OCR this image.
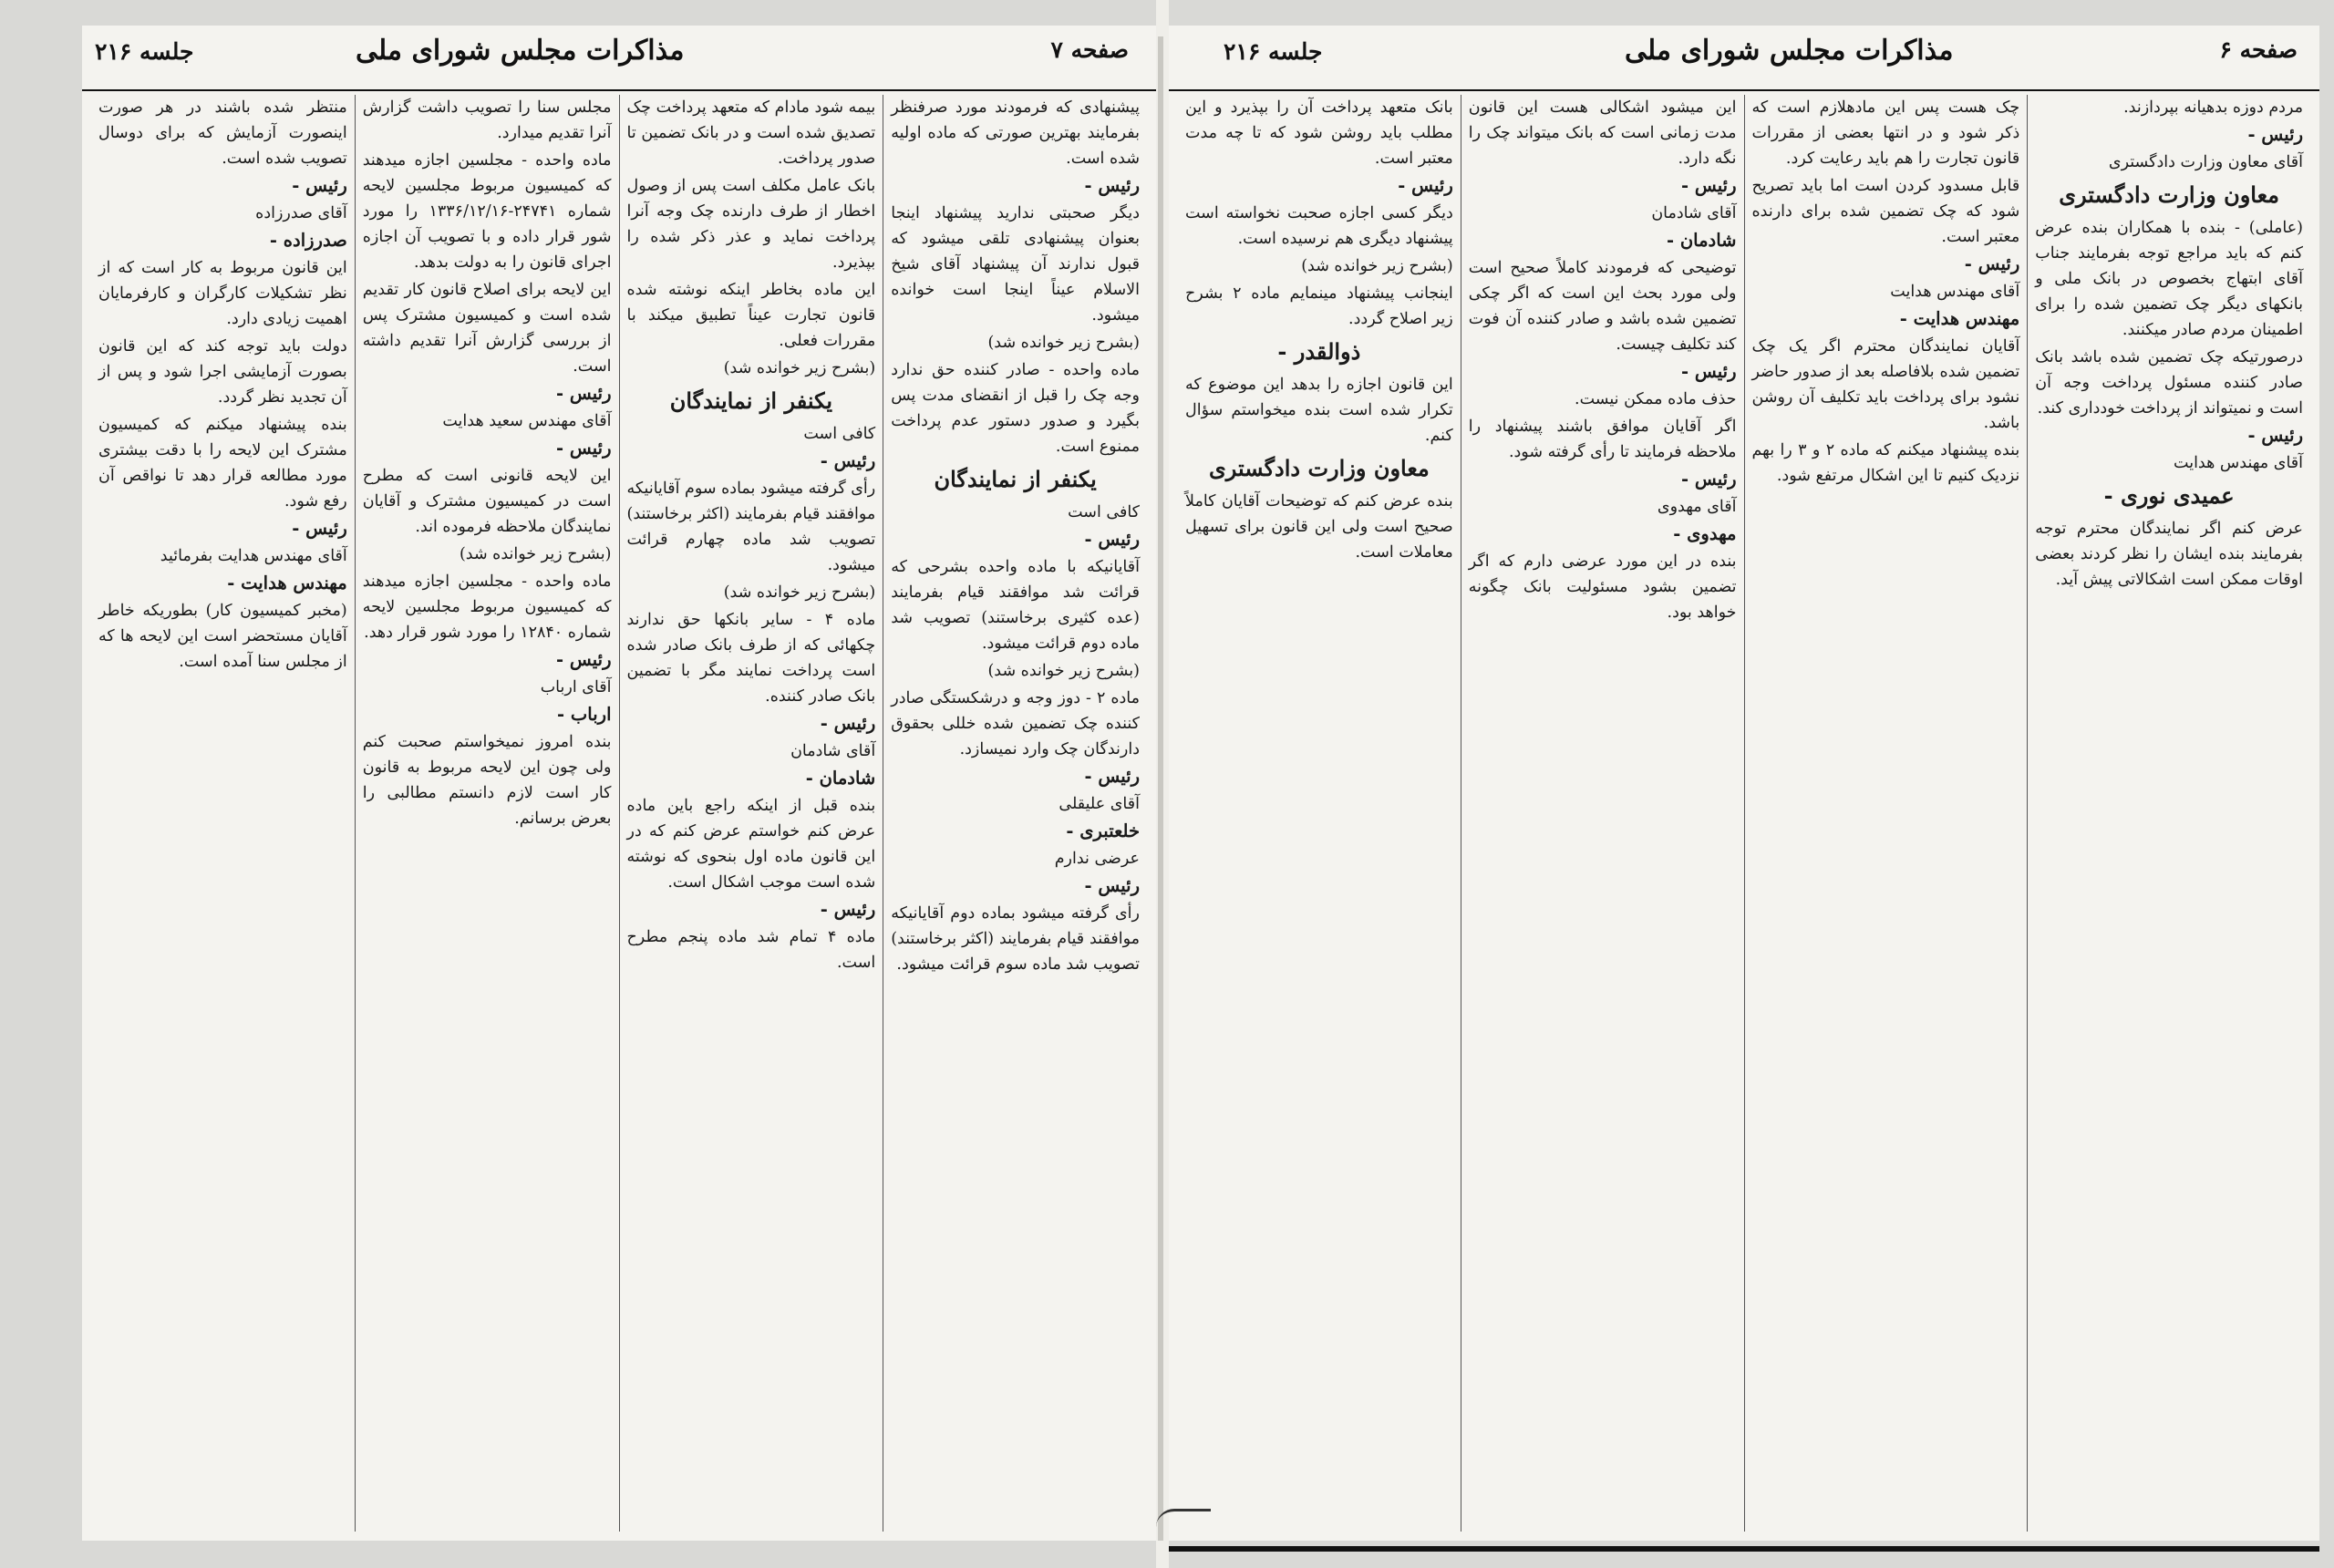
جلسه ۲۱۶	مذاکرات مجلس شورای ملی	صفحه ۷
پیشنهادی که فرمودند مورد صرفنظر بفرمایند بهترین صورتی که ماده اولیه شده است.
رئیس -
دیگر صحبتی ندارید پیشنهاد اینجا بعنوان پیشنهادی تلقی میشود که قبول ندارند آن پیشنهاد آقای شیخ الاسلام عیناً اینجا است خوانده میشود.
(بشرح زیر خوانده شد)
ماده واحده - صادر کننده حق ندارد وجه چک را قبل از انقضای مدت پس بگیرد و صدور دستور عدم پرداخت ممنوع است.
یکنفر از نمایندگان
کافی است
رئیس -
آقایانیکه با ماده واحده بشرحی که قرائت شد موافقند قیام بفرمایند (عده کثیری برخاستند) تصویب شد ماده دوم قرائت میشود.
(بشرح زیر خوانده شد)
ماده ۲ - دوز وجه و درشکستگی صادر کننده چک تضمین شده خللی بحقوق دارندگان چک وارد نمیسازد.
رئیس -
آقای علیقلی
خلعتبری -
عرضی ندارم
رئیس -
رأی گرفته میشود بماده دوم آقایانیکه موافقند قیام بفرمایند (اکثر برخاستند) تصویب شد ماده سوم قرائت میشود.
بیمه شود مادام که متعهد پرداخت چک تصدیق شده است و در بانک تضمین تا صدور پرداخت.
بانک عامل مکلف است پس از وصول اخطار از طرف دارنده چک وجه آنرا پرداخت نماید و عذر ذکر شده را بپذیرد.
این ماده بخاطر اینکه نوشته شده قانون تجارت عیناً تطبیق میکند با مقررات فعلی.
(بشرح زیر خوانده شد)
یکنفر از نمایندگان
کافی است
رئیس -
رأی گرفته میشود بماده سوم آقایانیکه موافقند قیام بفرمایند (اکثر برخاستند) تصویب شد ماده چهارم قرائت میشود.
(بشرح زیر خوانده شد)
ماده ۴ - سایر بانکها حق ندارند چکهائی که از طرف بانک صادر شده است پرداخت نمایند مگر با تضمین بانک صادر کننده.
رئیس -
آقای شادمان
شادمان -
بنده قبل از اینکه راجع باین ماده عرض کنم خواستم عرض کنم که در این قانون ماده اول بنحوی که نوشته شده است موجب اشکال است.
رئیس -
ماده ۴ تمام شد ماده پنجم مطرح است.
مجلس سنا را تصویب داشت گزارش آنرا تقدیم میدارد.
ماده واحده - مجلسین اجازه میدهند که کمیسیون مربوط مجلسین لایحه شماره ۲۴۷۴۱-۱۳۳۶/۱۲/۱۶ را مورد شور قرار داده و با تصویب آن اجازه اجرای قانون را به دولت بدهد.
این لایحه برای اصلاح قانون کار تقدیم شده است و کمیسیون مشترک پس از بررسی گزارش آنرا تقدیم داشته است.
رئیس -
آقای مهندس سعید هدایت
رئیس -
این لایحه قانونی است که مطرح است در کمیسیون مشترک و آقایان نمایندگان ملاحظه فرموده اند.
(بشرح زیر خوانده شد)
ماده واحده - مجلسین اجازه میدهند که کمیسیون مربوط مجلسین لایحه شماره ۱۲۸۴۰ را مورد شور قرار دهد.
رئیس -
آقای ارباب
ارباب -
بنده امروز نمیخواستم صحبت کنم ولی چون این لایحه مربوط به قانون کار است لازم دانستم مطالبی را بعرض برسانم.
منتظر شده باشند در هر صورت اینصورت آزمایش که برای دوسال تصویب شده است.
رئیس -
آقای صدرزاده
صدرزاده -
این قانون مربوط به کار است که از نظر تشکیلات کارگران و کارفرمایان اهمیت زیادی دارد.
دولت باید توجه کند که این قانون بصورت آزمایشی اجرا شود و پس از آن تجدید نظر گردد.
بنده پیشنهاد میکنم که کمیسیون مشترک این لایحه را با دقت بیشتری مورد مطالعه قرار دهد تا نواقص آن رفع شود.
رئیس -
آقای مهندس هدایت بفرمائید
مهندس هدایت -
(مخبر کمیسیون کار) بطوریکه خاطر آقایان مستحضر است این لایحه ها که از مجلس سنا آمده است.
جلسه ۲۱۶	مذاکرات مجلس شورای ملی	صفحه ۶
مردم دوزه بدهیانه بپردازند.
رئیس -
آقای معاون وزارت دادگستری
معاون وزارت دادگستری
(عاملی) - بنده با همکاران بنده عرض کنم که باید مراجع توجه بفرمایند جناب آقای ابتهاج بخصوص در بانک ملی و بانکهای دیگر چک تضمین شده را برای اطمینان مردم صادر میکنند.
درصورتیکه چک تضمین شده باشد بانک صادر کننده مسئول پرداخت وجه آن است و نمیتواند از پرداخت خودداری کند.
رئیس -
آقای مهندس هدایت
عمیدی نوری -
عرض کنم اگر نمایندگان محترم توجه بفرمایند بنده ایشان را نظر کردند بعضی اوقات ممکن است اشکالاتی پیش آید.
چک هست پس این مادهلازم است که ذکر شود و در انتها بعضی از مقررات قانون تجارت را هم باید رعایت کرد.
قابل مسدود کردن است اما باید تصریح شود که چک تضمین شده برای دارنده معتبر است.
رئیس -
آقای مهندس هدایت
مهندس هدایت -
آقایان نمایندگان محترم اگر یک چک تضمین شده بلافاصله بعد از صدور حاضر نشود برای پرداخت باید تکلیف آن روشن باشد.
بنده پیشنهاد میکنم که ماده ۲ و ۳ را بهم نزدیک کنیم تا این اشکال مرتفع شود.
این میشود اشکالی هست این قانون مدت زمانی است که بانک میتواند چک را نگه دارد.
رئیس -
آقای شادمان
شادمان -
توضیحی که فرمودند کاملاً صحیح است ولی مورد بحث این است که اگر چکی تضمین شده باشد و صادر کننده آن فوت کند تکلیف چیست.
رئیس -
حذف ماده ممکن نیست.
اگر آقایان موافق باشند پیشنهاد را ملاحظه فرمایند تا رأی گرفته شود.
رئیس -
آقای مهدوی
مهدوی -
بنده در این مورد عرضی دارم که اگر تضمین بشود مسئولیت بانک چگونه خواهد بود.
بانک متعهد پرداخت آن را بپذیرد و این مطلب باید روشن شود که تا چه مدت معتبر است.
رئیس -
دیگر کسی اجازه صحبت نخواسته است پیشنهاد دیگری هم نرسیده است.
(بشرح زیر خوانده شد)
اینجانب پیشنهاد مینمایم ماده ۲ بشرح زیر اصلاح گردد.
ذوالقدر -
این قانون اجازه را بدهد این موضوع که تکرار شده است بنده میخواستم سؤال کنم.
معاون وزارت دادگستری
بنده عرض کنم که توضیحات آقایان کاملاً صحیح است ولی این قانون برای تسهیل معاملات است.
